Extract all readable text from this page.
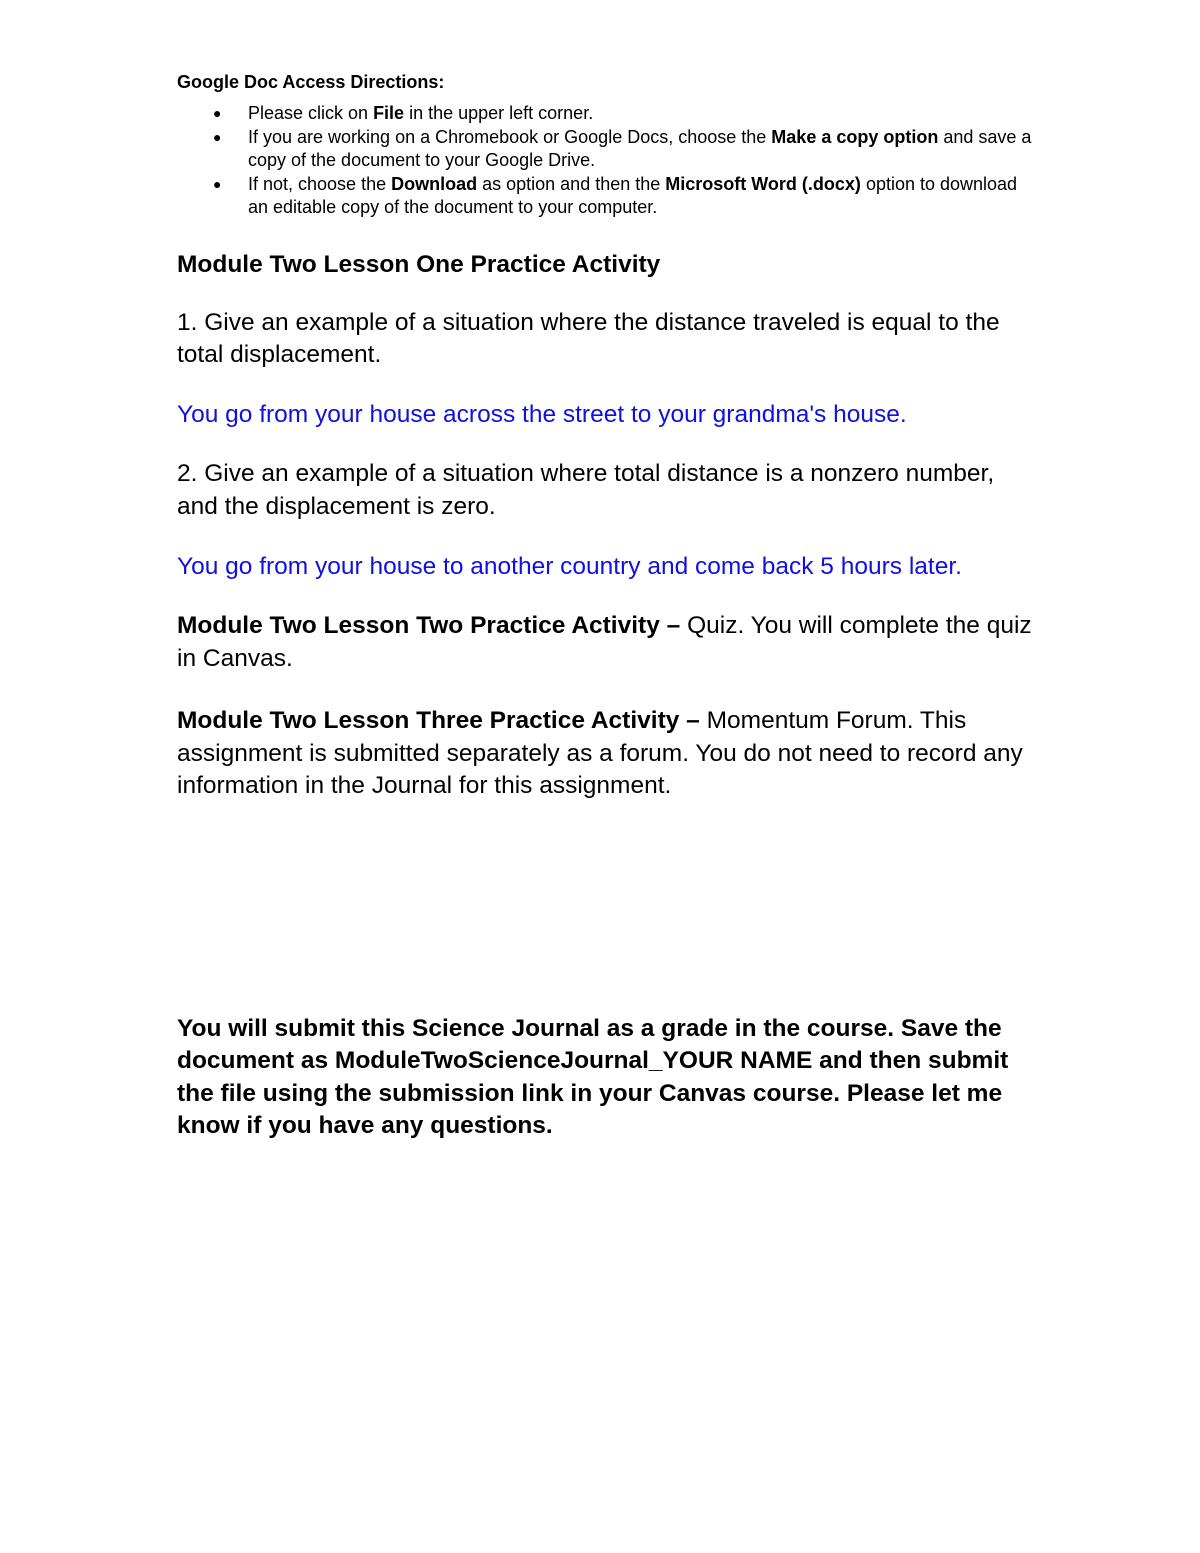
Google Doc Access Directions:

● Please click on File in the upper left corner.
● If you are working on a Chromebook or Google Docs, choose the Make a copy option and save a copy of the document to your Google Drive.
● If not, choose the Download as option and then the Microsoft Word (.docx) option to download an editable copy of the document to your computer.

Module Two Lesson One Practice Activity

1. Give an example of a situation where the distance traveled is equal to the total displacement.

You go from your house across the street to your grandma's house.

2. Give an example of a situation where total distance is a nonzero number, and the displacement is zero.

You go from your house to another country and come back 5 hours later.

Module Two Lesson Two Practice Activity – Quiz. You will complete the quiz in Canvas.

Module Two Lesson Three Practice Activity – Momentum Forum. This assignment is submitted separately as a forum. You do not need to record any information in the Journal for this assignment.

You will submit this Science Journal as a grade in the course. Save the document as ModuleTwoScienceJournal_YOUR NAME and then submit the file using the submission link in your Canvas course. Please let me know if you have any questions.
